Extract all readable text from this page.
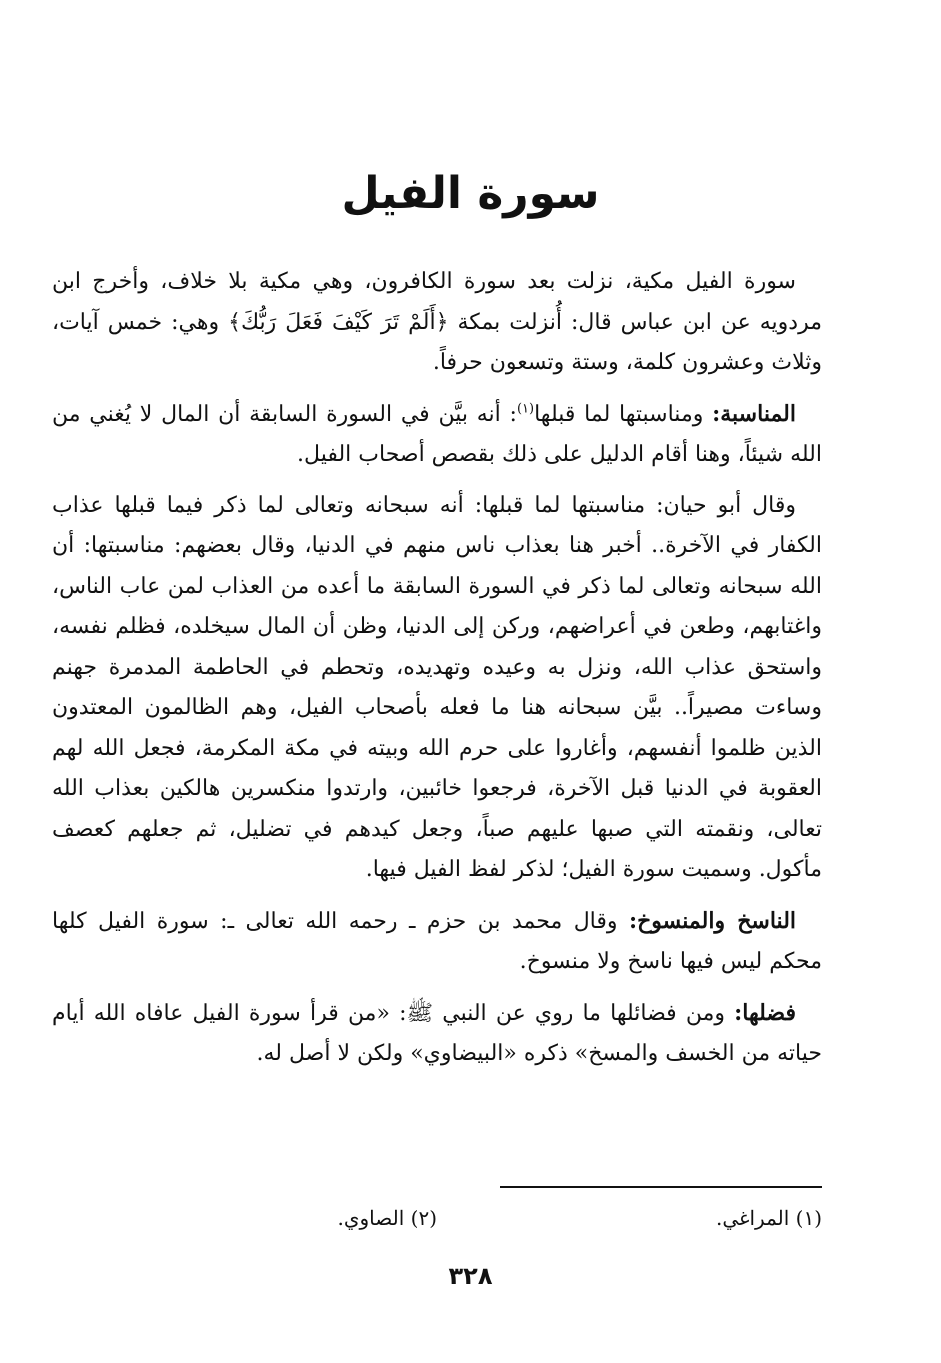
سورة الفيل

سورة الفيل مكية، نزلت بعد سورة الكافرون، وهي مكية بلا خلاف، وأخرج ابن مردويه عن ابن عباس قال: أُنزلت بمكة ﴿أَلَمْ تَرَ كَيْفَ فَعَلَ رَبُّكَ﴾ وهي: خمس آيات، وثلاث وعشرون كلمة، وستة وتسعون حرفاً.

المناسبة: ومناسبتها لما قبلها$^{(١)}$: أنه بيَّن في السورة السابقة أن المال لا يُغني من الله شيئاً، وهنا أقام الدليل على ذلك بقصص أصحاب الفيل.

وقال أبو حيان: مناسبتها لما قبلها: أنه سبحانه وتعالى لما ذكر فيما قبلها عذاب الكفار في الآخرة.. أخبر هنا بعذاب ناس منهم في الدنيا، وقال بعضهم: مناسبتها: أن الله سبحانه وتعالى لما ذكر في السورة السابقة ما أعده من العذاب لمن عاب الناس، واغتابهم، وطعن في أعراضهم، وركن إلى الدنيا، وظن أن المال سيخلده، فظلم نفسه، واستحق عذاب الله، ونزل به وعيده وتهديده، وتحطم في الحاطمة المدمرة جهنم وساءت مصيراً.. بيَّن سبحانه هنا ما فعله بأصحاب الفيل، وهم الظالمون المعتدون الذين ظلموا أنفسهم، وأغاروا على حرم الله وبيته في مكة المكرمة، فجعل الله لهم العقوبة في الدنيا قبل الآخرة، فرجعوا خائبين، وارتدوا منكسرين هالكين بعذاب الله تعالى، ونقمته التي صبها عليهم صباً، وجعل كيدهم في تضليل، ثم جعلهم كعصف مأكول. وسميت سورة الفيل؛ لذكر لفظ الفيل فيها.

الناسخ والمنسوخ: وقال محمد بن حزم ـ رحمه الله تعالى ـ: سورة الفيل كلها محكم ليس فيها ناسخ ولا منسوخ.

فضلها: ومن فضائلها ما روي عن النبي ﷺ: «من قرأ سورة الفيل عافاه الله أيام حياته من الخسف والمسخ» ذكره «البيضاوي» ولكن لا أصل له.

(١) المراغي.
(٢) الصاوي.
٣٢٨
